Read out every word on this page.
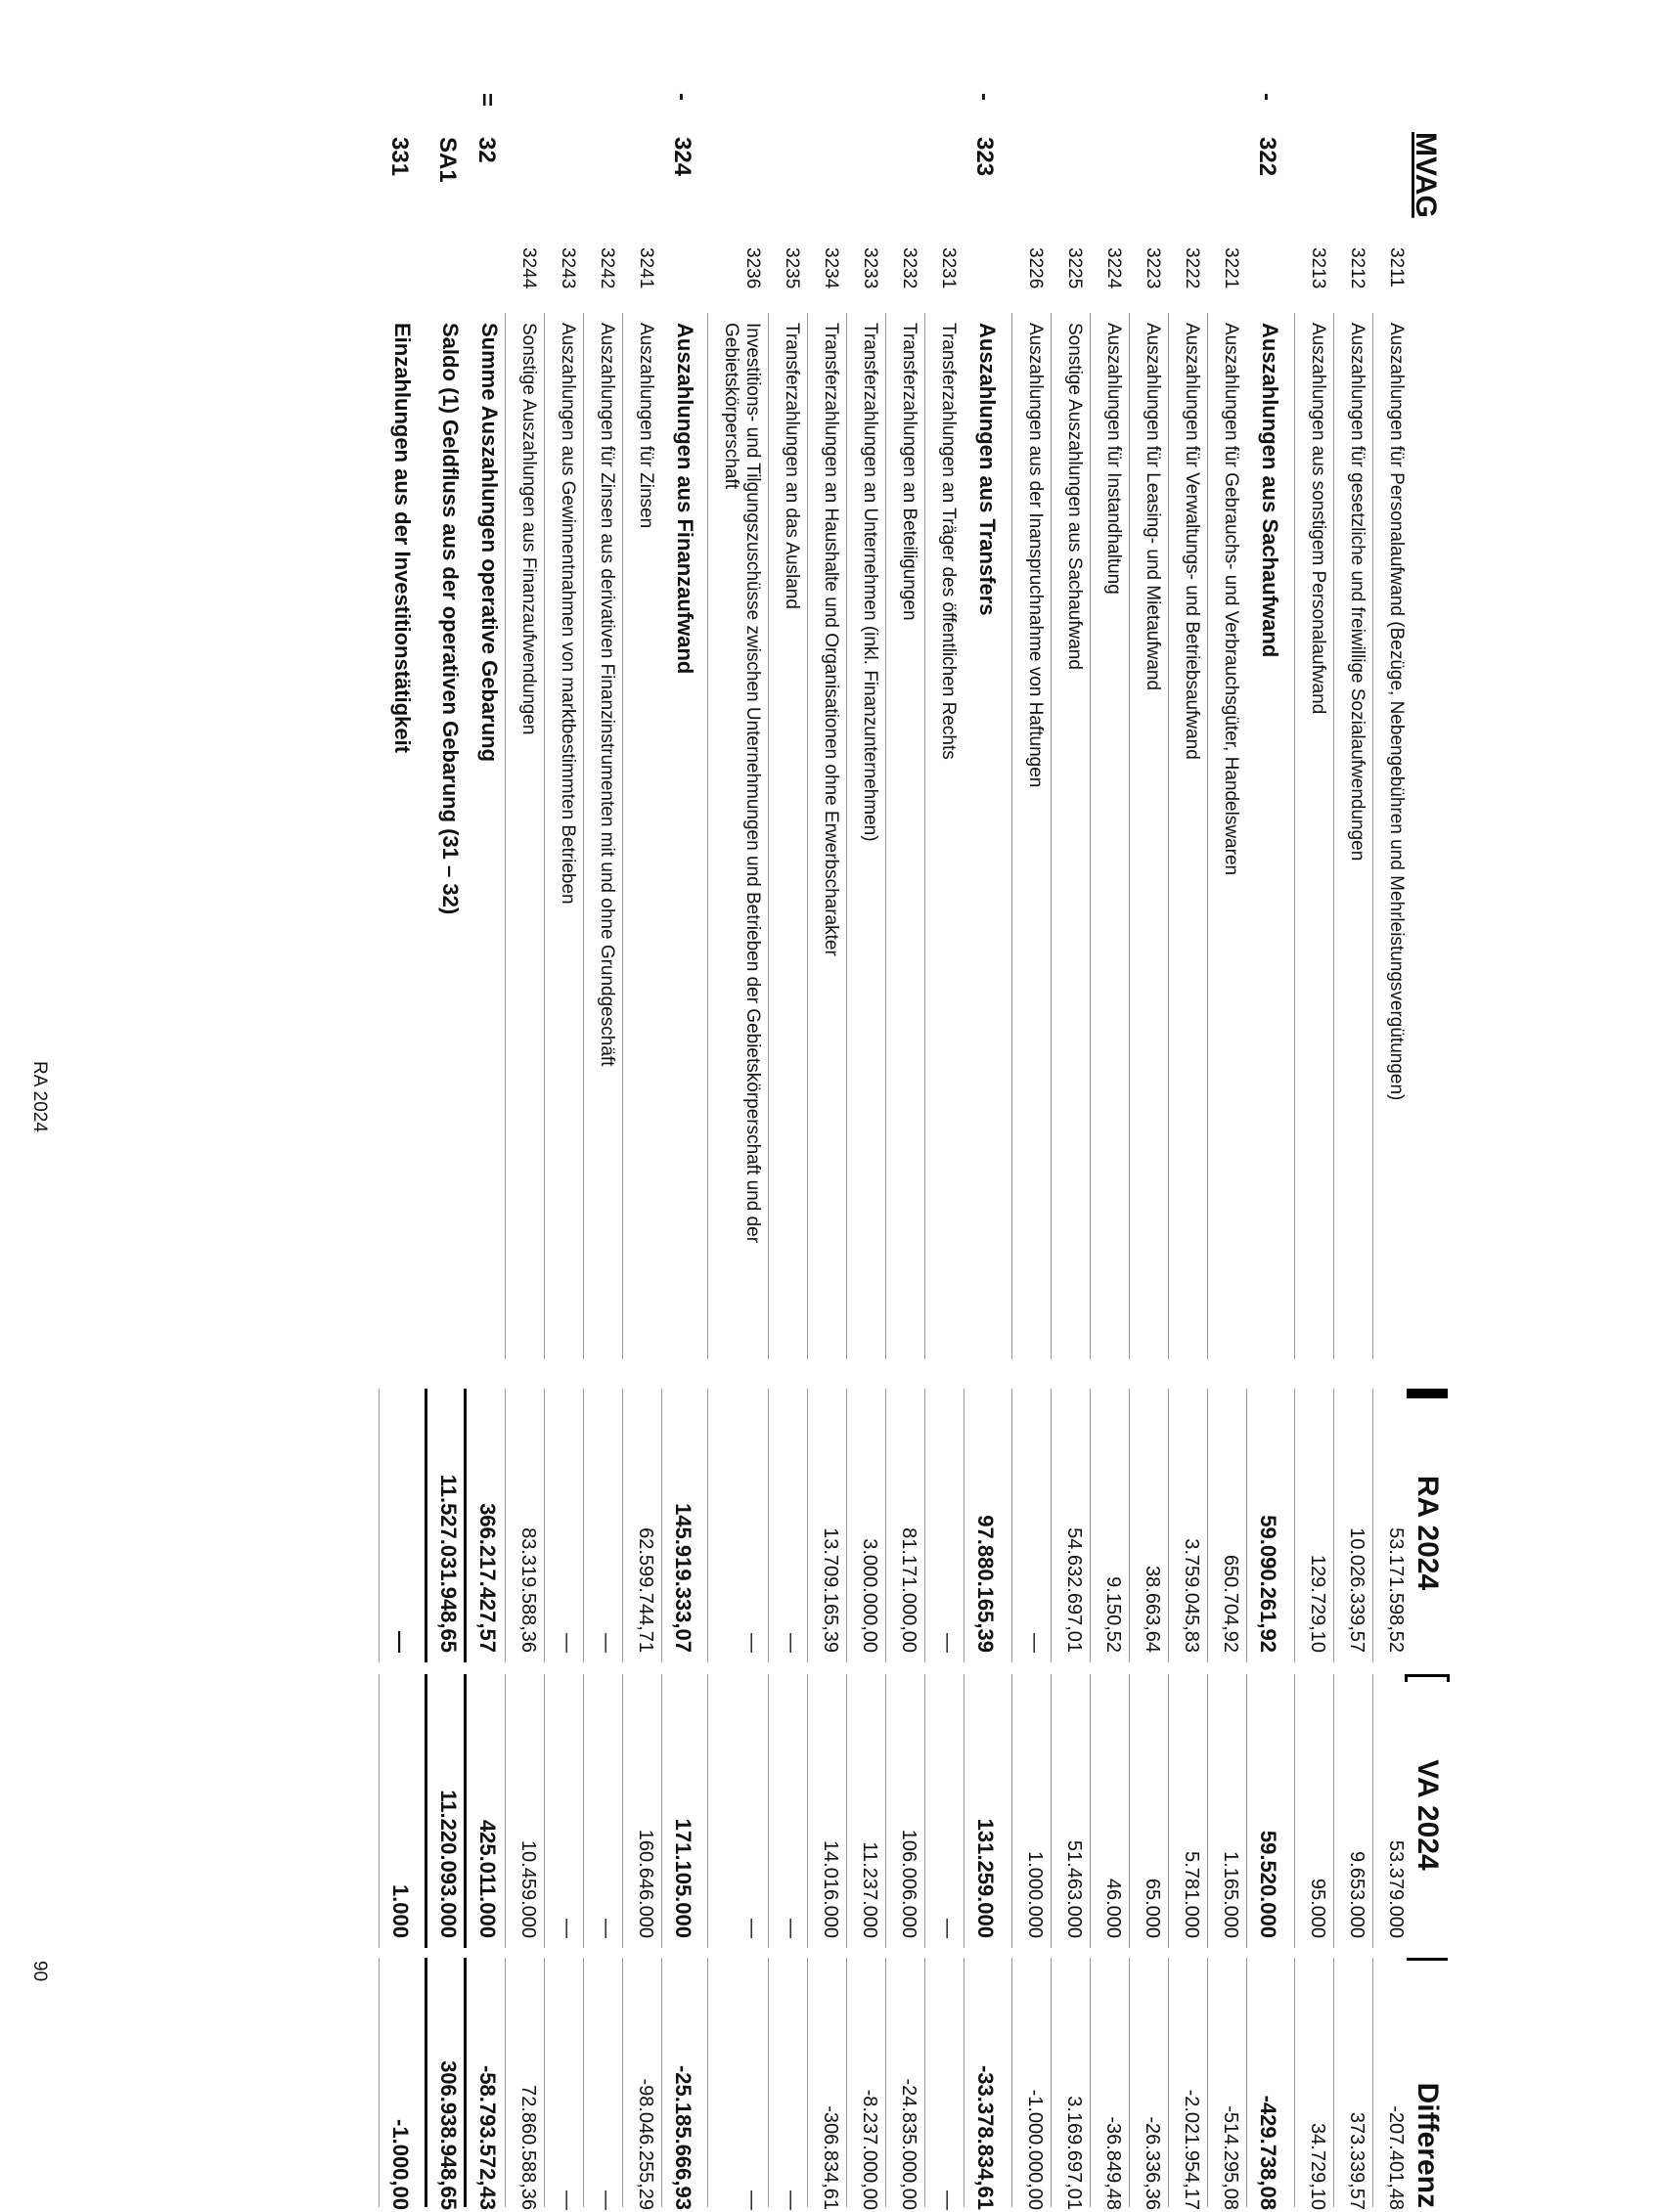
MVAG
RA 2024
VA 2024
Differenz
3211
Auszahlungen für Personalaufwand (Bezüge, Nebengebühren und Mehrleistungsvergütungen)
53.171.598,52
53.379.000
-207.401,48
3212
Auszahlungen für gesetzliche und freiwillige Sozialaufwendungen
10.026.339,57
9.653.000
373.339,57
3213
Auszahlungen aus sonstigem Personalaufwand
129.729,10
95.000
34.729,10
-
322
Auszahlungen aus Sachaufwand
59.090.261,92
59.520.000
-429.738,08
3221
Auszahlungen für Gebrauchs- und Verbrauchsgüter, Handelswaren
650.704,92
1.165.000
-514.295,08
3222
Auszahlungen für Verwaltungs- und Betriebsaufwand
3.759.045,83
5.781.000
-2.021.954,17
3223
Auszahlungen für Leasing- und Mietaufwand
38.663,64
65.000
-26.336,36
3224
Auszahlungen für Instandhaltung
9.150,52
46.000
-36.849,48
3225
Sonstige Auszahlungen aus Sachaufwand
54.632.697,01
51.463.000
3.169.697,01
3226
Auszahlungen aus der Inanspruchnahme von Haftungen
—
1.000.000
-1.000.000,00
-
323
Auszahlungen aus Transfers
97.880.165,39
131.259.000
-33.378.834,61
3231
Transferzahlungen an Träger des öffentlichen Rechts
—
—
—
3232
Transferzahlungen an Beteiligungen
81.171.000,00
106.006.000
-24.835.000,00
3233
Transferzahlungen an Unternehmen (inkl. Finanzunternehmen)
3.000.000,00
11.237.000
-8.237.000,00
3234
Transferzahlungen an Haushalte und Organisationen ohne Erwerbscharakter
13.709.165,39
14.016.000
-306.834,61
3235
Transferzahlungen an das Ausland
—
—
—
3236
Investitions- und Tilgungszuschüsse zwischen Unternehmungen und Betrieben der Gebietskörperschaft und der Gebietskörperschaft
—
—
—
-
324
Auszahlungen aus Finanzaufwand
145.919.333,07
171.105.000
-25.185.666,93
3241
Auszahlungen für Zinsen
62.599.744,71
160.646.000
-98.046.255,29
3242
Auszahlungen für Zinsen aus derivativen Finanzinstrumenten mit und ohne Grundgeschäft
—
—
—
3243
Auszahlungen aus Gewinnentnahmen von marktbestimmten Betrieben
—
—
—
3244
Sonstige Auszahlungen aus Finanzaufwendungen
83.319.588,36
10.459.000
72.860.588,36
=
32
Summe Auszahlungen operative Gebarung
366.217.427,57
425.011.000
-58.793.572,43
SA1
Saldo (1) Geldfluss aus der operativen Gebarung (31 – 32)
11.527.031.948,65
11.220.093.000
306.938.948,65
331
Einzahlungen aus der Investitionstätigkeit
—
1.000
-1.000,00
RA 2024
90
